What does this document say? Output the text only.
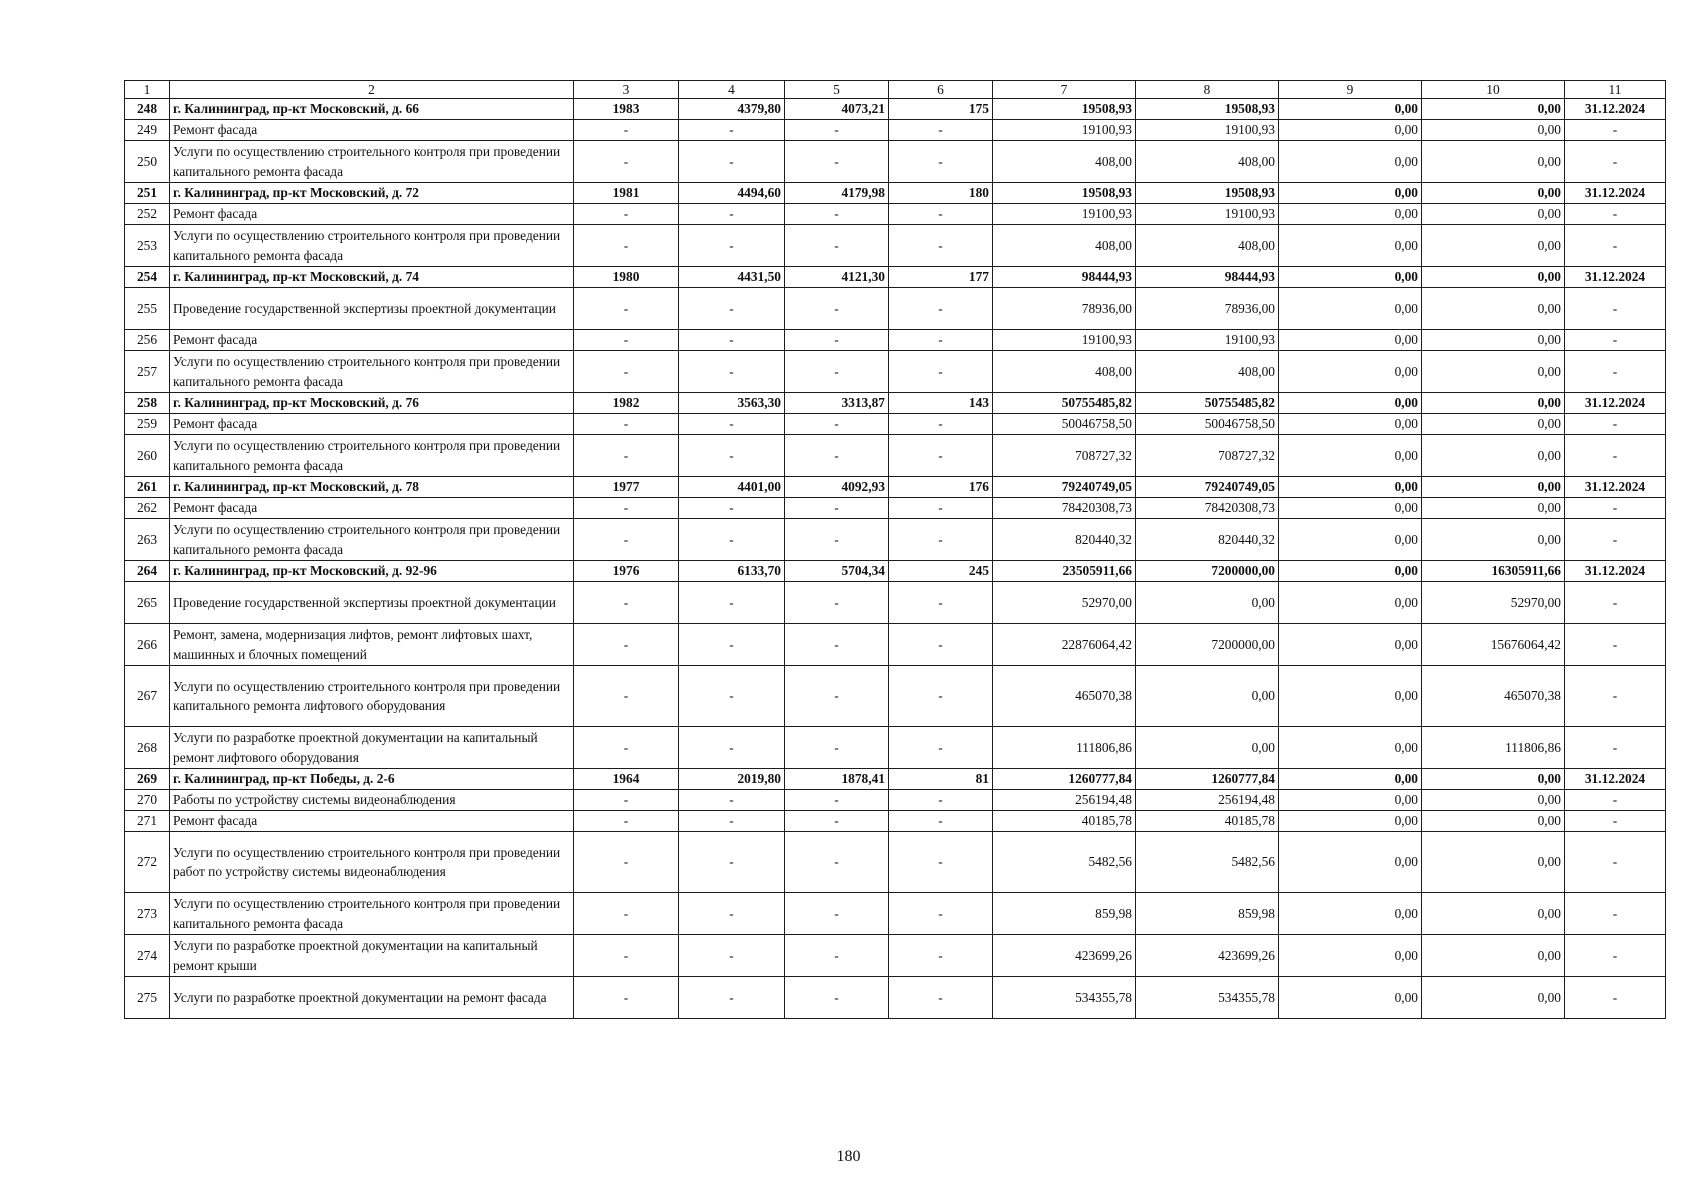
1	2	3	4	5	6	7	8	9	10	11
248	г. Калининград, пр-кт Московский, д. 66	1983	4379,80	4073,21	175	19508,93	19508,93	0,00	0,00	31.12.2024
249	Ремонт фасада	-	-	-	-	19100,93	19100,93	0,00	0,00	-
250	Услуги по осуществлению строительного контроля при проведении капитального ремонта фасада	-	-	-	-	408,00	408,00	0,00	0,00	-
251	г. Калининград, пр-кт Московский, д. 72	1981	4494,60	4179,98	180	19508,93	19508,93	0,00	0,00	31.12.2024
252	Ремонт фасада	-	-	-	-	19100,93	19100,93	0,00	0,00	-
253	Услуги по осуществлению строительного контроля при проведении капитального ремонта фасада	-	-	-	-	408,00	408,00	0,00	0,00	-
254	г. Калининград, пр-кт Московский, д. 74	1980	4431,50	4121,30	177	98444,93	98444,93	0,00	0,00	31.12.2024
255	Проведение государственной экспертизы проектной документации	-	-	-	-	78936,00	78936,00	0,00	0,00	-
256	Ремонт фасада	-	-	-	-	19100,93	19100,93	0,00	0,00	-
257	Услуги по осуществлению строительного контроля при проведении капитального ремонта фасада	-	-	-	-	408,00	408,00	0,00	0,00	-
258	г. Калининград, пр-кт Московский, д. 76	1982	3563,30	3313,87	143	50755485,82	50755485,82	0,00	0,00	31.12.2024
259	Ремонт фасада	-	-	-	-	50046758,50	50046758,50	0,00	0,00	-
260	Услуги по осуществлению строительного контроля при проведении капитального ремонта фасада	-	-	-	-	708727,32	708727,32	0,00	0,00	-
261	г. Калининград, пр-кт Московский, д. 78	1977	4401,00	4092,93	176	79240749,05	79240749,05	0,00	0,00	31.12.2024
262	Ремонт фасада	-	-	-	-	78420308,73	78420308,73	0,00	0,00	-
263	Услуги по осуществлению строительного контроля при проведении капитального ремонта фасада	-	-	-	-	820440,32	820440,32	0,00	0,00	-
264	г. Калининград, пр-кт Московский, д. 92-96	1976	6133,70	5704,34	245	23505911,66	7200000,00	0,00	16305911,66	31.12.2024
265	Проведение государственной экспертизы проектной документации	-	-	-	-	52970,00	0,00	0,00	52970,00	-
266	Ремонт, замена, модернизация лифтов, ремонт лифтовых шахт, машинных и блочных помещений	-	-	-	-	22876064,42	7200000,00	0,00	15676064,42	-
267	Услуги по осуществлению строительного контроля при проведении капитального ремонта лифтового оборудования	-	-	-	-	465070,38	0,00	0,00	465070,38	-
268	Услуги по разработке проектной документации на капитальный ремонт лифтового оборудования	-	-	-	-	111806,86	0,00	0,00	111806,86	-
269	г. Калининград, пр-кт Победы, д. 2-6	1964	2019,80	1878,41	81	1260777,84	1260777,84	0,00	0,00	31.12.2024
270	Работы по устройству системы видеонаблюдения	-	-	-	-	256194,48	256194,48	0,00	0,00	-
271	Ремонт фасада	-	-	-	-	40185,78	40185,78	0,00	0,00	-
272	Услуги по осуществлению строительного контроля при проведении работ по устройству системы видеонаблюдения	-	-	-	-	5482,56	5482,56	0,00	0,00	-
273	Услуги по осуществлению строительного контроля при проведении капитального ремонта фасада	-	-	-	-	859,98	859,98	0,00	0,00	-
274	Услуги по разработке проектной документации на капитальный ремонт крыши	-	-	-	-	423699,26	423699,26	0,00	0,00	-
275	Услуги по разработке проектной документации на ремонт фасада	-	-	-	-	534355,78	534355,78	0,00	0,00	-
180
